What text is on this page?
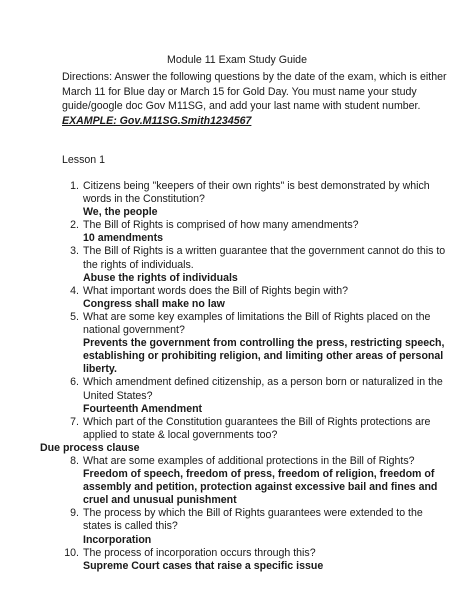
Module 11 Exam Study Guide
Directions: Answer the following questions by the date of the exam, which is either March 11 for Blue day or March 15 for Gold Day. You must name your study guide/google doc Gov M11SG, and add your last name with student number. EXAMPLE: Gov.M11SG.Smith1234567
Lesson 1
1. Citizens being "keepers of their own rights" is best demonstrated by which words in the Constitution?
We, the people
2. The Bill of Rights is comprised of how many amendments?
10 amendments
3. The Bill of Rights is a written guarantee that the government cannot do this to the rights of individuals.
Abuse the rights of individuals
4. What important words does the Bill of Rights begin with?
Congress shall make no law
5. What are some key examples of limitations the Bill of Rights placed on the national government?
Prevents the government from controlling the press, restricting speech, establishing or prohibiting religion, and limiting other areas of personal liberty.
6. Which amendment defined citizenship, as a person born or naturalized in the United States?
Fourteenth Amendment
7. Which part of the Constitution guarantees the Bill of Rights protections are applied to state & local governments too?
Due process clause
8. What are some examples of additional protections in the Bill of Rights?
Freedom of speech, freedom of press, freedom of religion, freedom of assembly and petition, protection against excessive bail and fines and cruel and unusual punishment
9. The process by which the Bill of Rights guarantees were extended to the states is called this?
Incorporation
10. The process of incorporation occurs through this?
Supreme Court cases that raise a specific issue
